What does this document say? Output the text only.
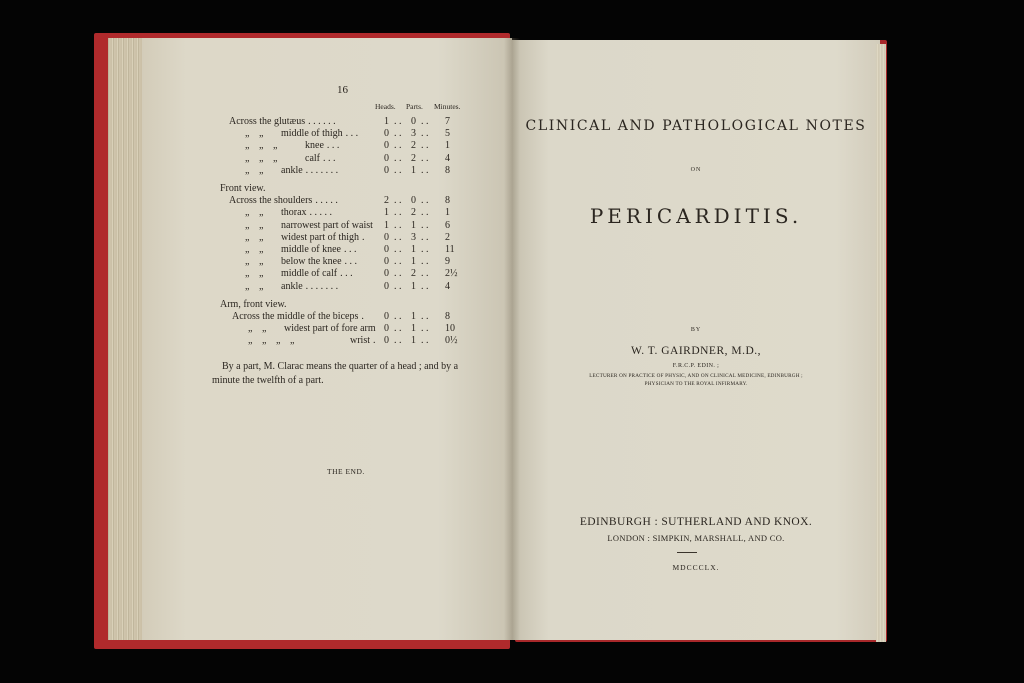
16
Heads. Parts. Minutes.
Across the glutæus . . . . . .	1 . . 0 . . 7
„ „ middle of thigh . . .	0 . . 3 . . 5
„ „ „	knee . . .	0 . . 2 . . 1
„ „ „	calf . . .	0 . . 2 . . 4
„ „ ankle . . . . . . .	0 . . 1 . . 8
Front view.
Across the shoulders . . . . .	2 . . 0 . . 8
„ „ thorax . . . . .	1 . . 2 . . 1
„ „ narrowest part of waist	1 . . 1 . . 6
„ „ widest part of thigh . 0 . . 3 . . 2
„ „ middle of knee . . .	0 . . 1 . . 11
„ „ below the knee . . .	0 . . 1 . . 9
„ „ middle of calf . . .	0 . . 2 . . 2½
„ „ ankle . . . . . . .	0 . . 1 . . 4
Arm, front view.
Across the middle of the biceps . 0 . . 1 . . 8
„ „ widest part of fore arm 0 . . 1 . . 10
„ „ „ „	wrist . 0 . . 1 . . 0½
By a part, M. Clarac means the quarter of a head ; and by a minute the twelfth of a part.
THE END.
CLINICAL AND PATHOLOGICAL NOTES
ON
PERICARDITIS.
BY
W. T. GAIRDNER, M.D.,
F.R.C.P. EDIN. ;
LECTURER ON PRACTICE OF PHYSIC, AND ON CLINICAL MEDICINE, EDINBURGH ;
PHYSICIAN TO THE ROYAL INFIRMARY.
EDINBURGH : SUTHERLAND AND KNOX.
LONDON : SIMPKIN, MARSHALL, AND CO.
MDCCCLX.
